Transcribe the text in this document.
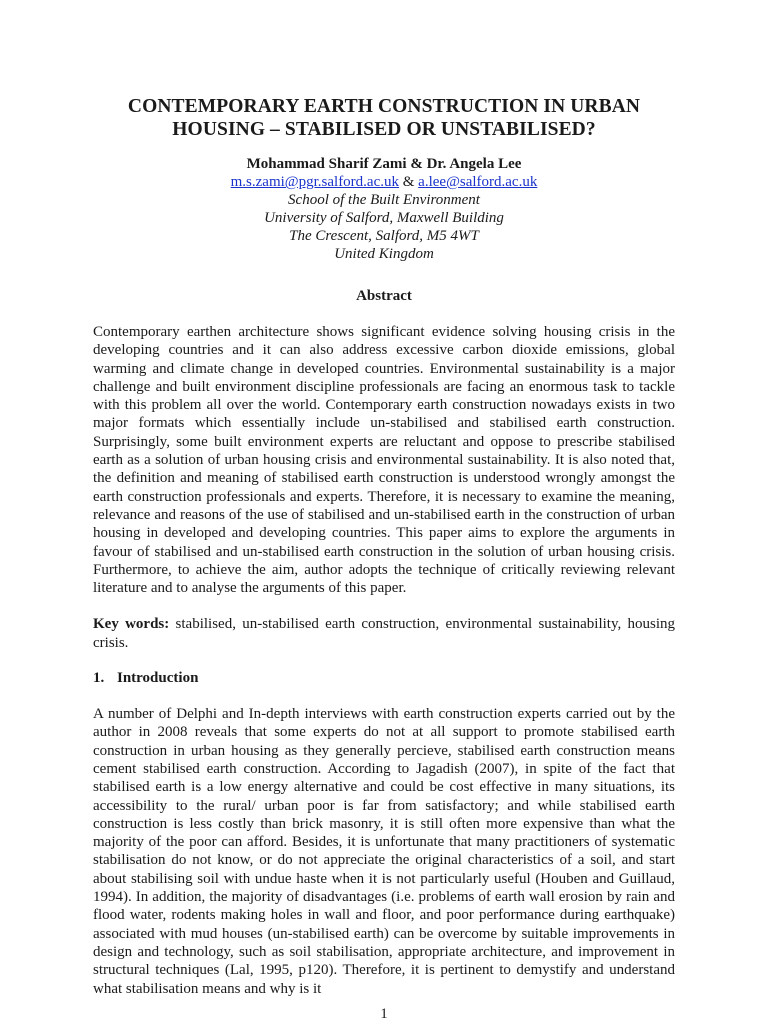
CONTEMPORARY EARTH CONSTRUCTION IN URBAN
HOUSING – STABILISED OR UNSTABILISED?
Mohammad Sharif Zami & Dr. Angela Lee
m.s.zami@pgr.salford.ac.uk & a.lee@salford.ac.uk
School of the Built Environment
University of Salford, Maxwell Building
The Crescent, Salford, M5 4WT
United Kingdom
Abstract

Contemporary earthen architecture shows significant evidence solving housing crisis in the developing countries and it can also address excessive carbon dioxide emissions, global warming and climate change in developed countries. Environmental sustainability is a major challenge and built environment discipline professionals are facing an enormous task to tackle with this problem all over the world. Contemporary earth construction nowadays exists in two major formats which essentially include un-stabilised and stabilised earth construction. Surprisingly, some built environment experts are reluctant and oppose to prescribe stabilised earth as a solution of urban housing crisis and environmental sustainability. It is also noted that, the definition and meaning of stabilised earth construction is understood wrongly amongst the earth construction professionals and experts. Therefore, it is necessary to examine the meaning, relevance and reasons of the use of stabilised and un-stabilised earth in the construction of urban housing in developed and developing countries. This paper aims to explore the arguments in favour of stabilised and un-stabilised earth construction in the solution of urban housing crisis. Furthermore, to achieve the aim, author adopts the technique of critically reviewing relevant literature and to analyse the arguments of this paper.

Key words: stabilised, un-stabilised earth construction, environmental sustainability, housing crisis.

1. Introduction

A number of Delphi and In-depth interviews with earth construction experts carried out by the author in 2008 reveals that some experts do not at all support to promote stabilised earth construction in urban housing as they generally percieve, stabilised earth construction means cement stabilised earth construction. According to Jagadish (2007), in spite of the fact that stabilised earth is a low energy alternative and could be cost effective in many situations, its accessibility to the rural/ urban poor is far from satisfactory; and while stabilised earth construction is less costly than brick masonry, it is still often more expensive than what the majority of the poor can afford. Besides, it is unfortunate that many practitioners of systematic stabilisation do not know, or do not appreciate the original characteristics of a soil, and start about stabilising soil with undue haste when it is not particularly useful (Houben and Guillaud, 1994). In addition, the majority of disadvantages (i.e. problems of earth wall erosion by rain and flood water, rodents making holes in wall and floor, and poor performance during earthquake) associated with mud houses (un-stabilised earth) can be overcome by suitable improvements in design and technology, such as soil stabilisation, appropriate architecture, and improvement in structural techniques (Lal, 1995, p120). Therefore, it is pertinent to demystify and understand what stabilisation means and why is it

1
